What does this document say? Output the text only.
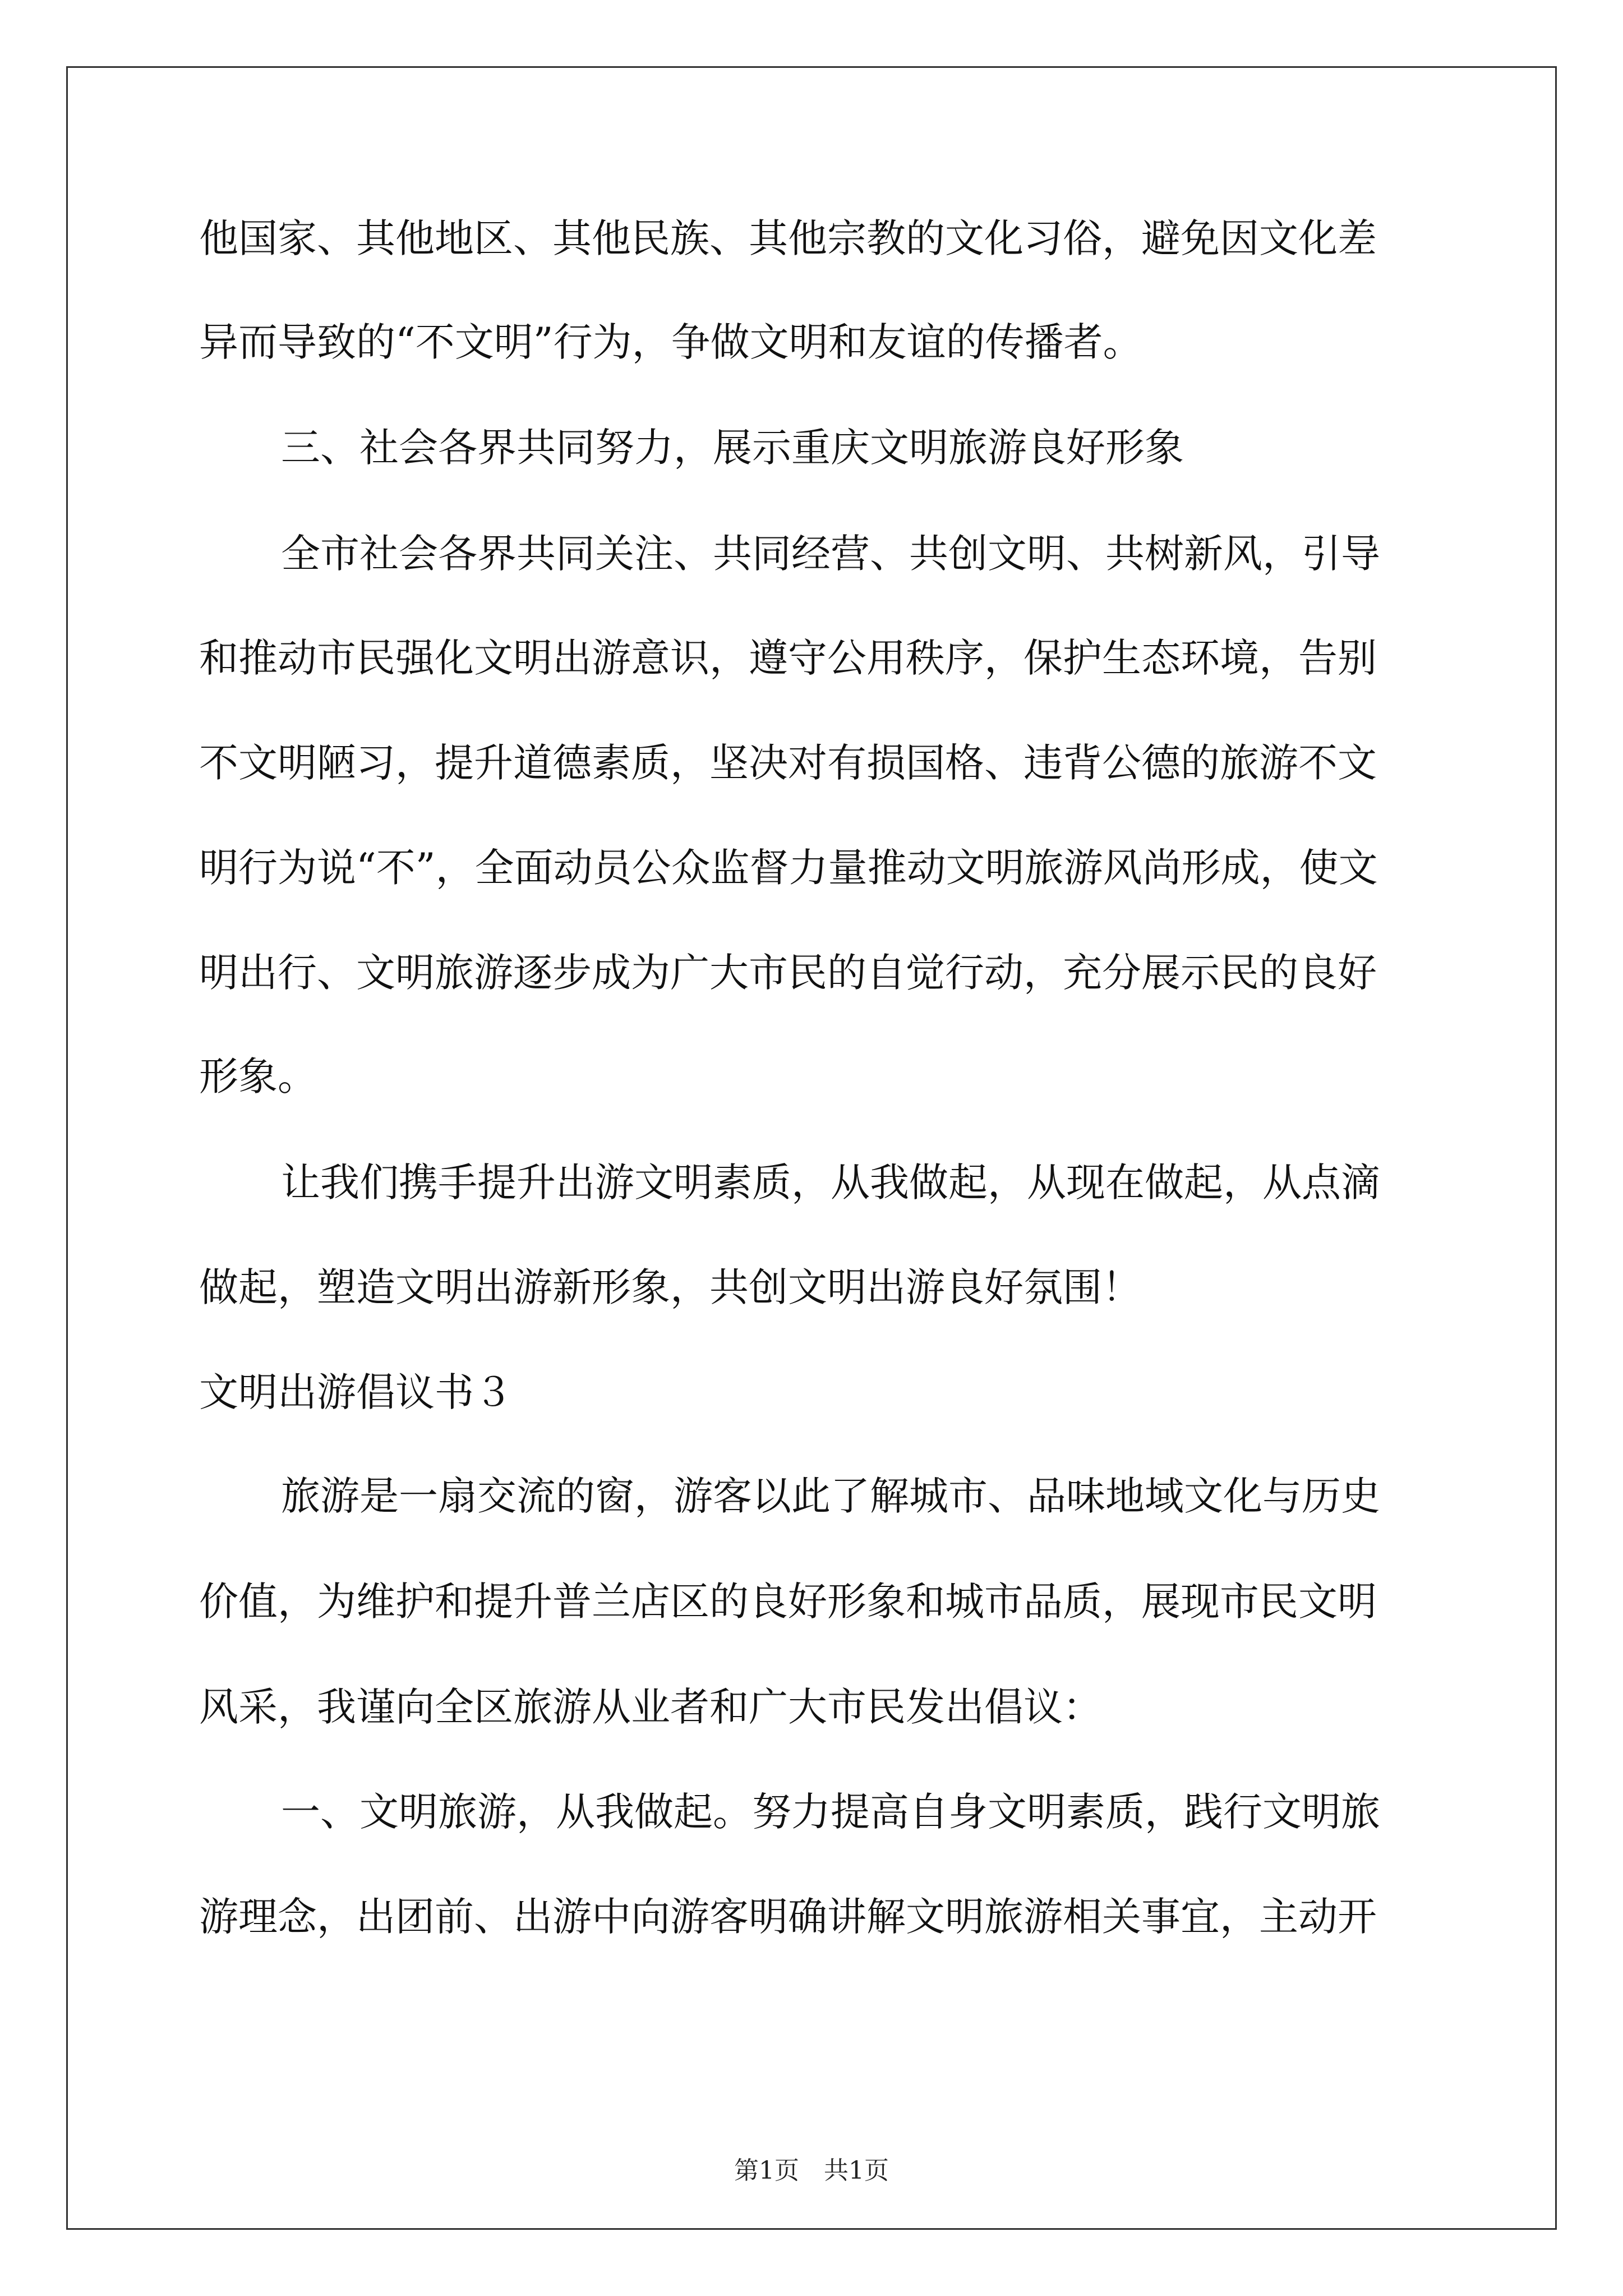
他国家、其他地区、其他民族、其他宗教的文化习俗，避免因文化差
异而导致的“不文明”行为，争做文明和友谊的传播者。
三、社会各界共同努力，展示重庆文明旅游良好形象
全市社会各界共同关注、共同经营、共创文明、共树新风，引导
和推动市民强化文明出游意识，遵守公用秩序，保护生态环境，告别
不文明陋习，提升道德素质，坚决对有损国格、违背公德的旅游不文
明行为说“不”，全面动员公众监督力量推动文明旅游风尚形成，使文
明出行、文明旅游逐步成为广大市民的自觉行动，充分展示民的良好
形象。
让我们携手提升出游文明素质，从我做起，从现在做起，从点滴
做起，塑造文明出游新形象，共创文明出游良好氛围！
文明出游倡议书３
旅游是一扇交流的窗，游客以此了解城市、品味地域文化与历史
价值，为维护和提升普兰店区的良好形象和城市品质，展现市民文明
风采，我谨向全区旅游从业者和广大市民发出倡议：
一、文明旅游，从我做起。努力提高自身文明素质，践行文明旅
游理念，出团前、出游中向游客明确讲解文明旅游相关事宜，主动开
第1页　共1页
